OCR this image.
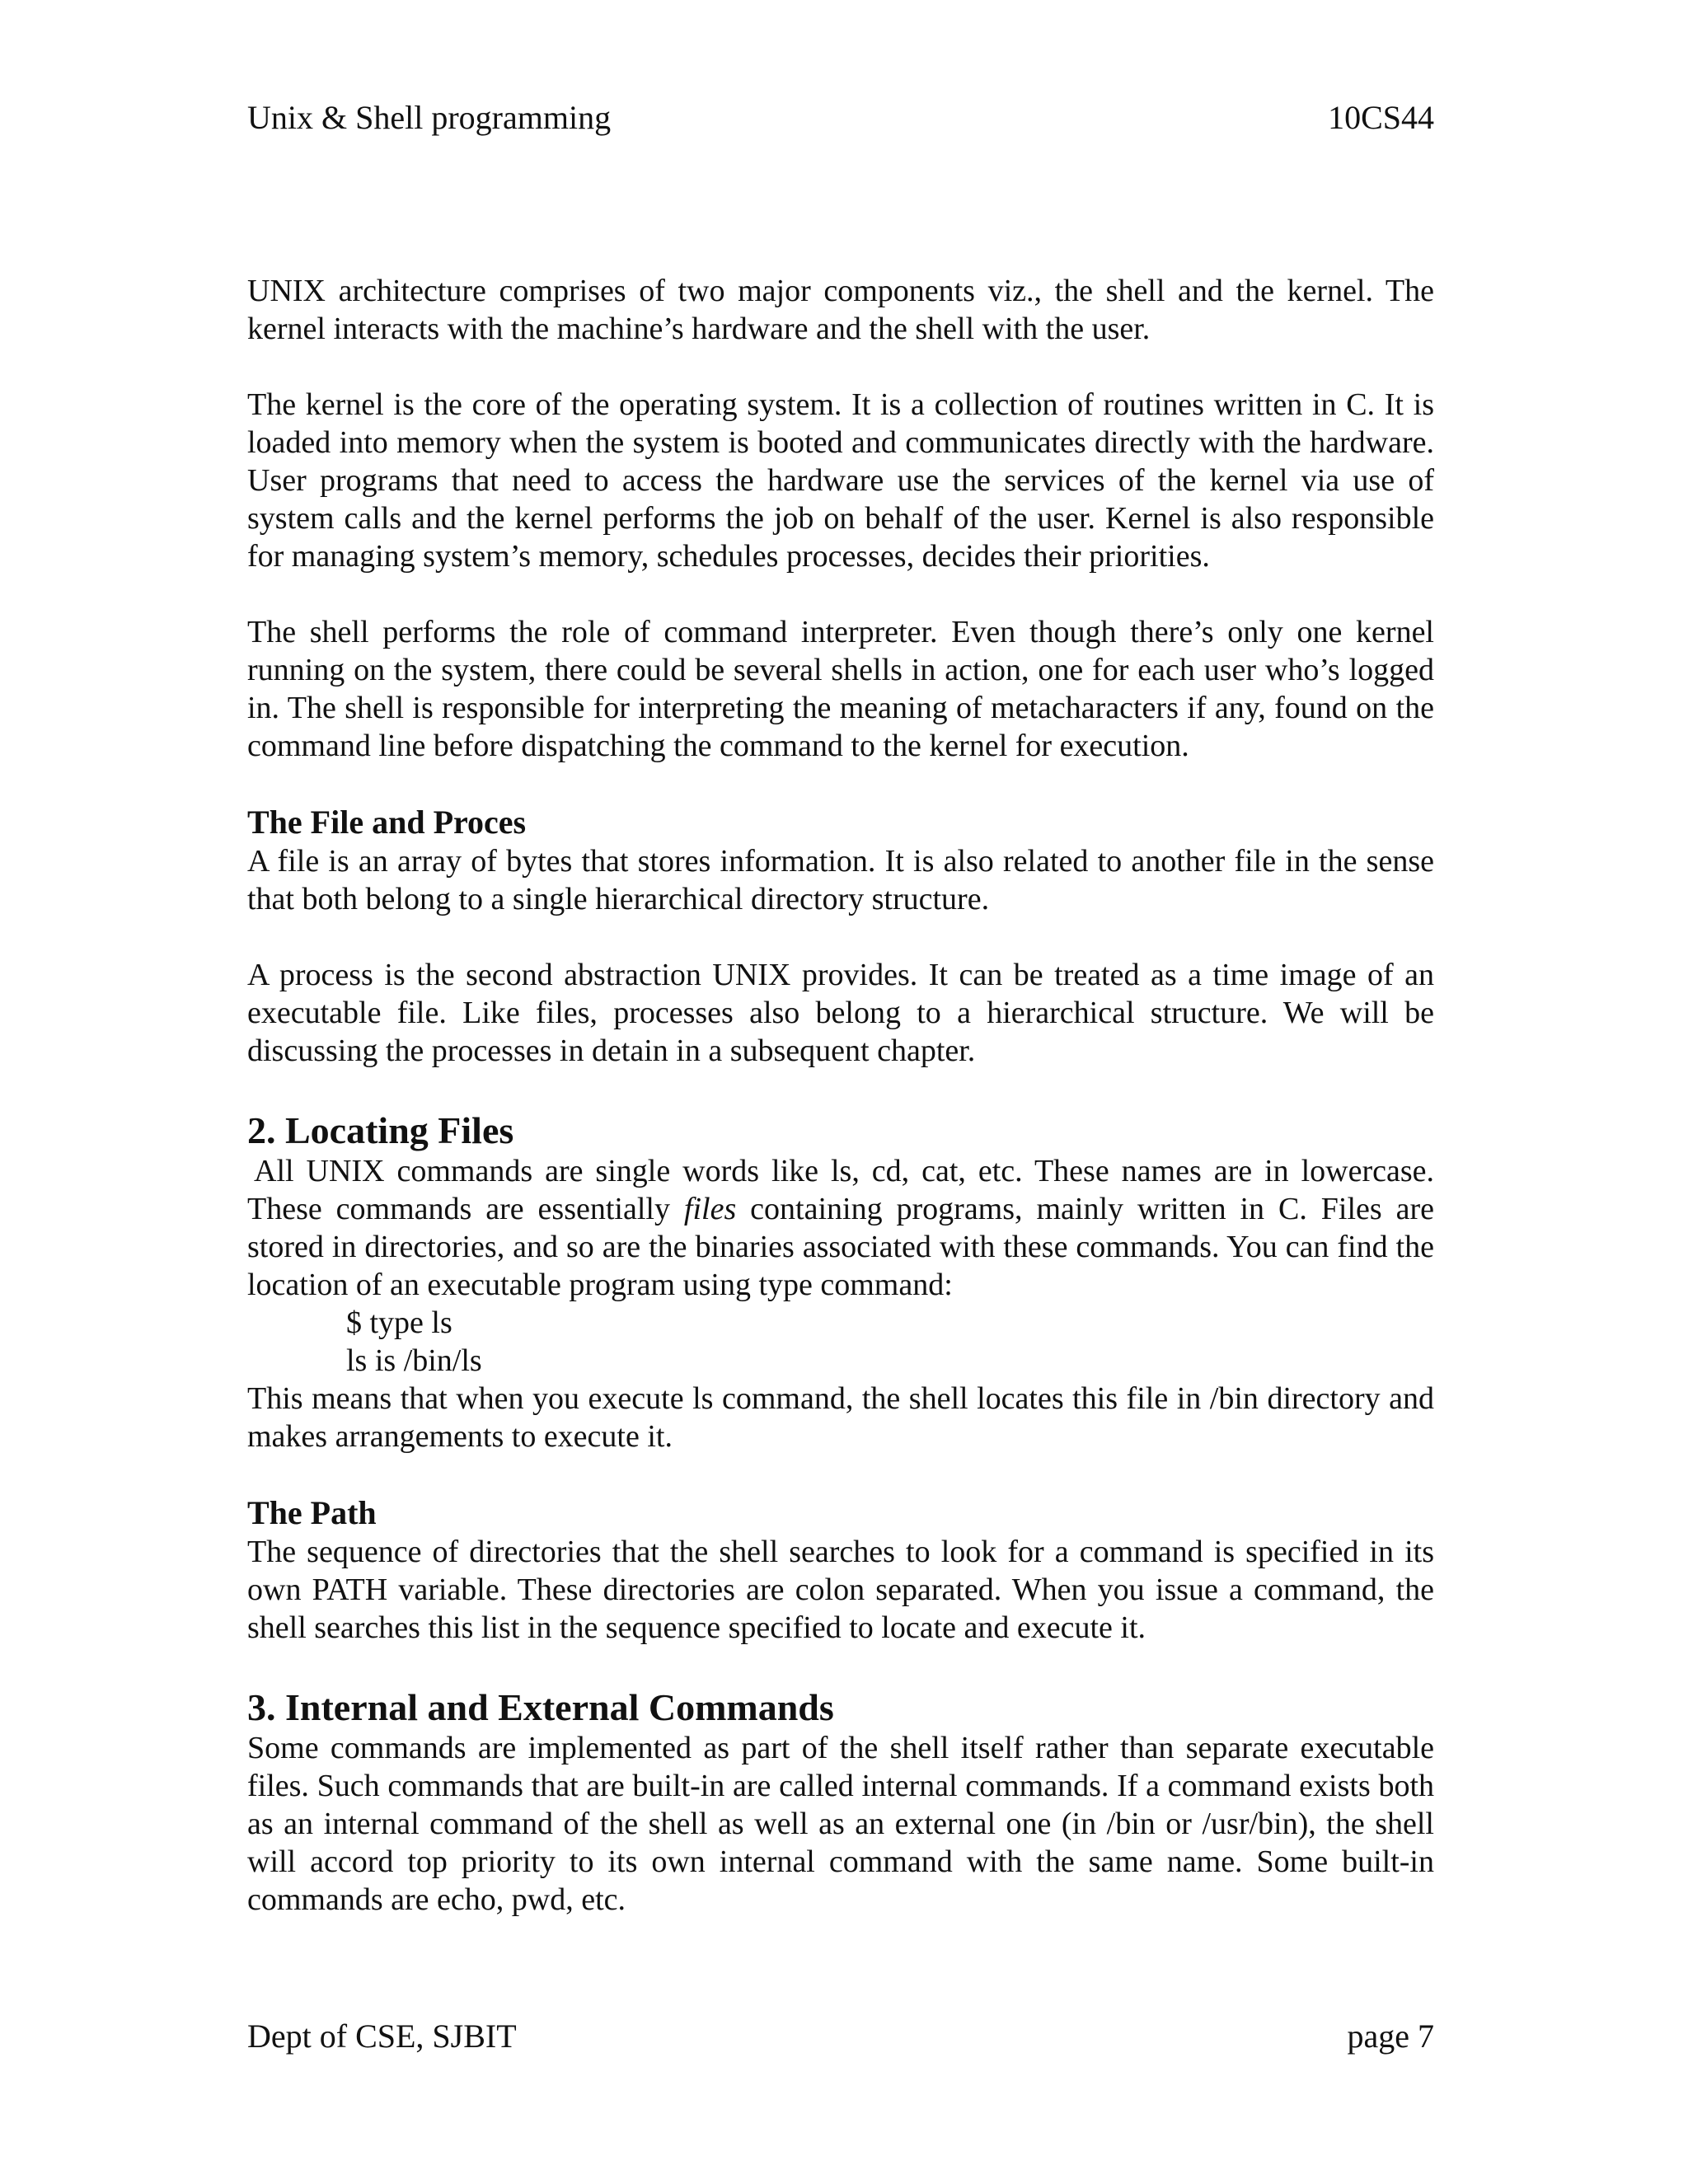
Unix & Shell programming	10CS44

UNIX architecture comprises of two major components viz., the shell and the kernel. The kernel interacts with the machine’s hardware and the shell with the user.

The kernel is the core of the operating system. It is a collection of routines written in C. It is loaded into memory when the system is booted and communicates directly with the hardware. User programs that need to access the hardware use the services of the kernel via use of system calls and the kernel performs the job on behalf of the user. Kernel is also responsible for managing system’s memory, schedules processes, decides their priorities.

The shell performs the role of command interpreter. Even though there’s only one kernel running on the system, there could be several shells in action, one for each user who’s logged in. The shell is responsible for interpreting the meaning of metacharacters if any, found on the command line before dispatching the command to the kernel for execution.

The File and Proces

A file is an array of bytes that stores information. It is also related to another file in the sense that both belong to a single hierarchical directory structure.

A process is the second abstraction UNIX provides. It can be treated as a time image of an executable file. Like files, processes also belong to a hierarchical structure. We will be discussing the processes in detain in a subsequent chapter.

2. Locating Files

All UNIX commands are single words like ls, cd, cat, etc. These names are in lowercase. These commands are essentially files containing programs, mainly written in C. Files are stored in directories, and so are the binaries associated with these commands. You can find the location of an executable program using type command:

$ type ls

ls is /bin/ls

This means that when you execute ls command, the shell locates this file in /bin directory and makes arrangements to execute it.

The Path

The sequence of directories that the shell searches to look for a command is specified in its own PATH variable. These directories are colon separated. When you issue a command, the shell searches this list in the sequence specified to locate and execute it.

3. Internal and External Commands

Some commands are implemented as part of the shell itself rather than separate executable files. Such commands that are built-in are called internal commands. If a command exists both as an internal command of the shell as well as an external one (in /bin or /usr/bin), the shell will accord top priority to its own internal command with the same name. Some built-in commands are echo, pwd, etc.

Dept of CSE, SJBIT	page 7
